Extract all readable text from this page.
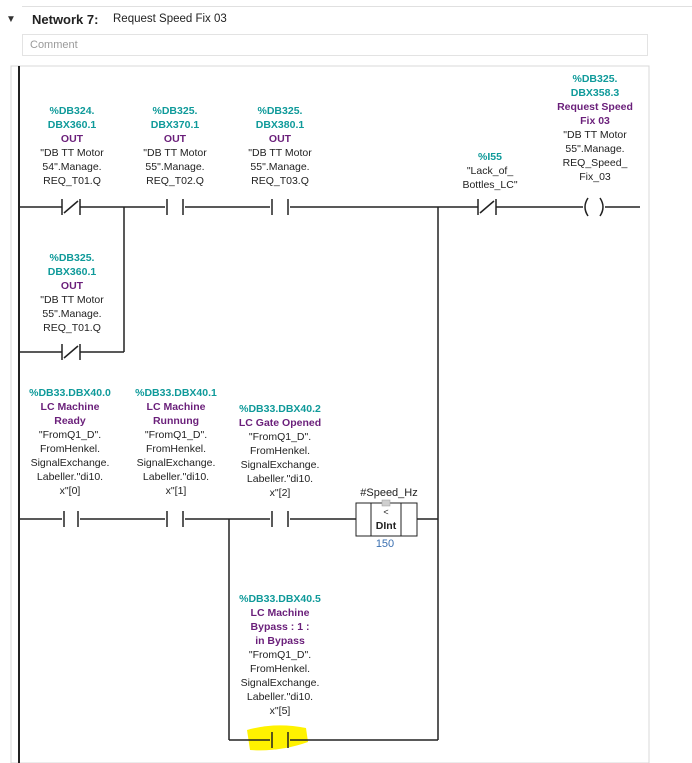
▼ Network 7: Request Speed Fix 03
Comment
#Speed_Hz
<
DInt
150
%DB324.
DBX360.1
OUT
"DB TT Motor
54".Manage.
REQ_T01.Q
%DB325.
DBX370.1
OUT
"DB TT Motor
55".Manage.
REQ_T02.Q
%DB325.
DBX380.1
OUT
"DB TT Motor
55".Manage.
REQ_T03.Q
%DB325.
DBX360.1
OUT
"DB TT Motor
55".Manage.
REQ_T01.Q
%I55
"Lack_of_
Bottles_LC"
%DB325.
DBX358.3
Request Speed
Fix 03
"DB TT Motor
55".Manage.
REQ_Speed_
Fix_03
%DB33.DBX40.0
LC Machine
Ready
"FromQ1_D".
FromHenkel.
SignalExchange.
Labeller."di10.
x"[0]
%DB33.DBX40.1
LC Machine
Runnung
"FromQ1_D".
FromHenkel.
SignalExchange.
Labeller."di10.
x"[1]
%DB33.DBX40.2
LC Gate Opened
"FromQ1_D".
FromHenkel.
SignalExchange.
Labeller."di10.
x"[2]
%DB33.DBX40.5
LC Machine
Bypass : 1 :
in Bypass
"FromQ1_D".
FromHenkel.
SignalExchange.
Labeller."di10.
x"[5]
